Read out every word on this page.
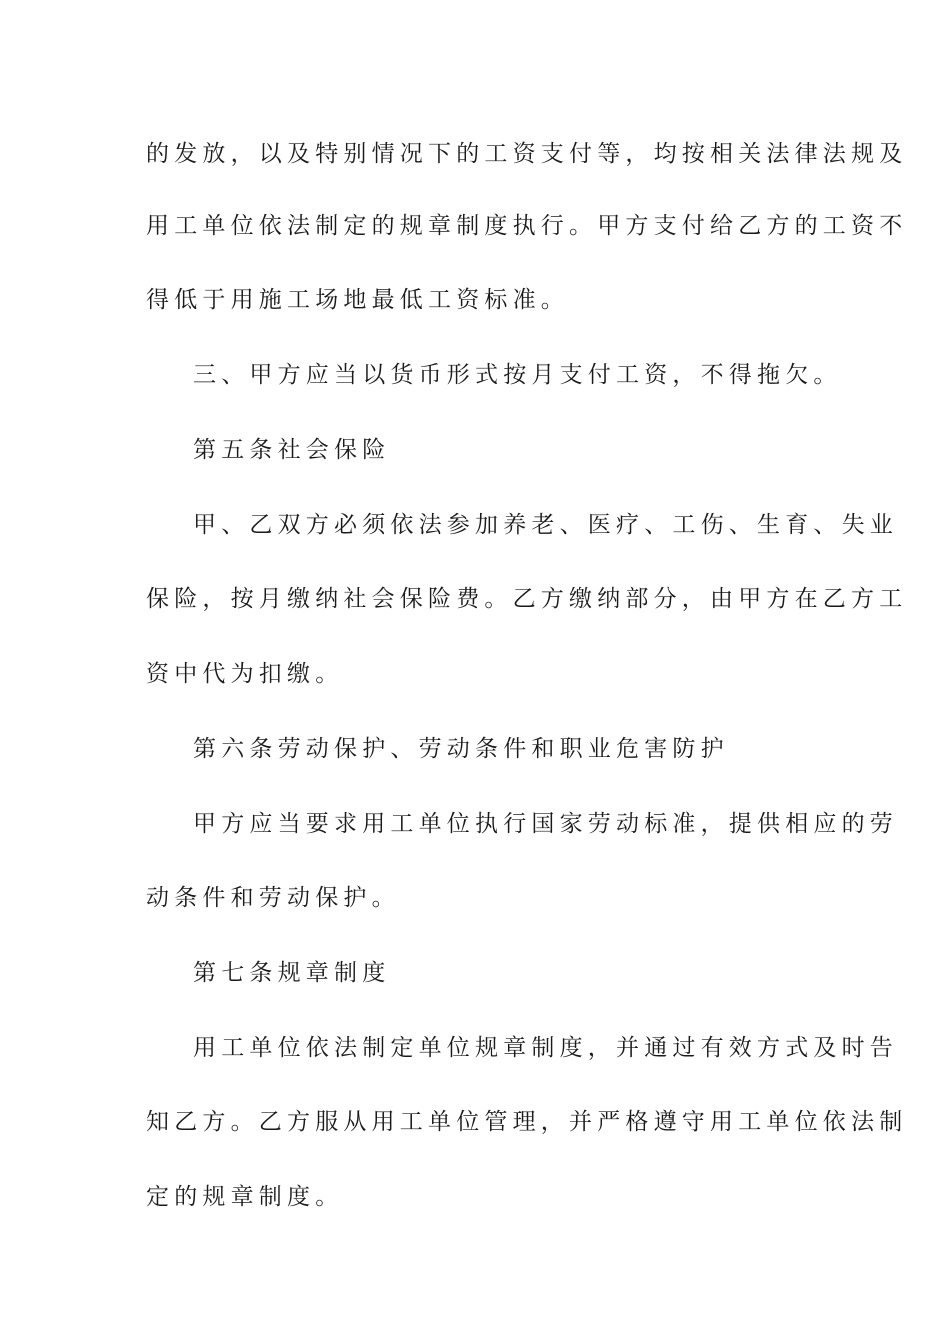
的发放，以及特别情况下的工资支付等，均按相关法律法规及
用工单位依法制定的规章制度执行。甲方支付给乙方的工资不
得低于用施工场地最低工资标准。
三、甲方应当以货币形式按月支付工资，不得拖欠。
第五条社会保险
甲、乙双方必须依法参加养老、医疗、工伤、生育、失业
保险，按月缴纳社会保险费。乙方缴纳部分，由甲方在乙方工
资中代为扣缴。
第六条劳动保护、劳动条件和职业危害防护
甲方应当要求用工单位执行国家劳动标准，提供相应的劳
动条件和劳动保护。
第七条规章制度
用工单位依法制定单位规章制度，并通过有效方式及时告
知乙方。乙方服从用工单位管理，并严格遵守用工单位依法制
定的规章制度。
